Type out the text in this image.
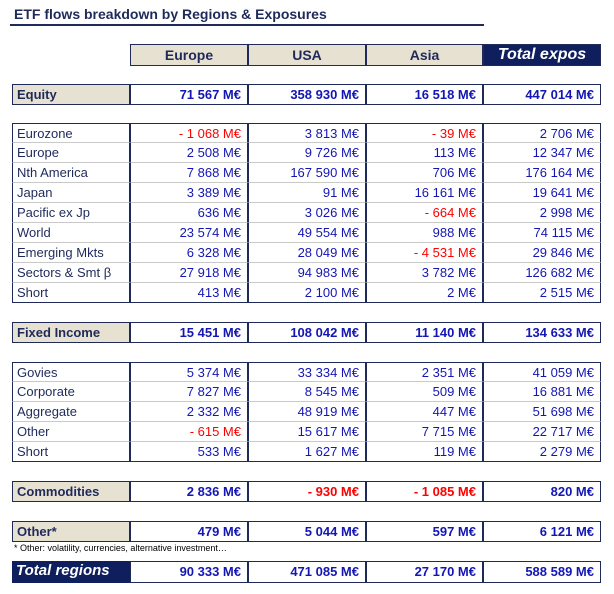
ETF flows breakdown by Regions & Exposures
Europe	USA	Asia	Total expos
Equity	71 567 M€	358 930 M€	16 518 M€	447 014 M€
Eurozone	- 1 068 M€	3 813 M€	- 39 M€	2 706 M€
Europe	2 508 M€	9 726 M€	113 M€	12 347 M€
Nth America	7 868 M€	167 590 M€	706 M€	176 164 M€
Japan	3 389 M€	91 M€	16 161 M€	19 641 M€
Pacific ex Jp	636 M€	3 026 M€	- 664 M€	2 998 M€
World	23 574 M€	49 554 M€	988 M€	74 115 M€
Emerging Mkts	6 328 M€	28 049 M€	- 4 531 M€	29 846 M€
Sectors & Smt β	27 918 M€	94 983 M€	3 782 M€	126 682 M€
Short	413 M€	2 100 M€	2 M€	2 515 M€
Fixed Income	15 451 M€	108 042 M€	11 140 M€	134 633 M€
Govies	5 374 M€	33 334 M€	2 351 M€	41 059 M€
Corporate	7 827 M€	8 545 M€	509 M€	16 881 M€
Aggregate	2 332 M€	48 919 M€	447 M€	51 698 M€
Other	- 615 M€	15 617 M€	7 715 M€	22 717 M€
Short	533 M€	1 627 M€	119 M€	2 279 M€
Commodities	2 836 M€	- 930 M€	- 1 085 M€	820 M€
Other*	479 M€	5 044 M€	597 M€	6 121 M€
Total regions	90 333 M€	471 085 M€	27 170 M€	588 589 M€
* Other: volatility, currencies, alternative investment…
